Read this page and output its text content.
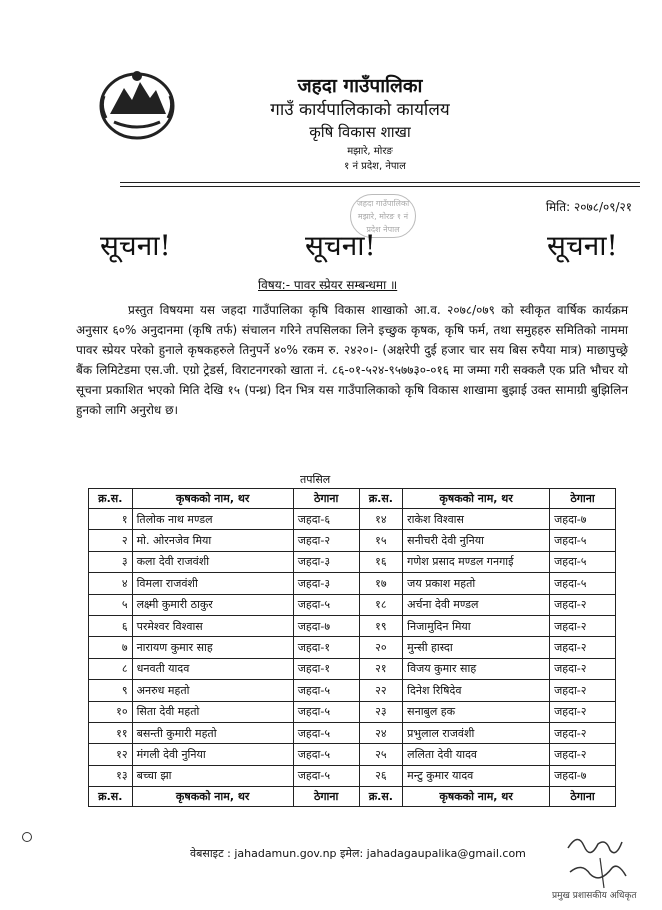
जहदा गाउँपालिका
गाउँ कार्यपालिकाको कार्यालय
कृषि विकास शाखा
मझारे, मोरङ
१ नं प्रदेश, नेपाल
जहदा गाउँपालिका मझारे, मोरङ १ नं प्रदेश नेपाल
मिति: २०७८/०९/२१
सूचना!	सूचना!	सूचना!
विषय:- पावर स्प्रेयर सम्बन्धमा ॥
प्रस्तुत विषयमा यस जहदा गाउँपालिका कृषि विकास शाखाको आ.व. २०७८/०७९ को स्वीकृत वार्षिक कार्यक्रम अनुसार ६०% अनुदानमा (कृषि तर्फ) संचालन गरिने तपसिलका लिने इच्छुक कृषक, कृषि फर्म, तथा समुहहरु समितिको नाममा पावर स्प्रेयर परेको हुनाले कृषकहरुले तिनुपर्ने ४०% रकम रु. २४२०।- (अक्षरेपी दुई हजार चार सय बिस रुपैया मात्र) माछापुच्छ्रे बैंक लिमिटेडमा एस.जी. एग्रो ट्रेडर्स, विराटनगरको खाता नं. ८६-०१-५२४-९५७७३०-०१६ मा जम्मा गरी सक्कलै एक प्रति भौचर यो सूचना प्रकाशित भएको मिति देखि १५ (पन्ध्र) दिन भित्र यस गाउँपालिकाको कृषि विकास शाखामा बुझाई उक्त सामाग्री बुझिलिन हुनको लागि अनुरोध छ।
तपसिल
क्र.स.	कृषकको नाम, थर	ठेगाना	क्र.स.	कृषकको नाम, थर	ठेगाना
१	तिलोक नाथ मण्डल	जहदा-६	१४	राकेश विश्वास	जहदा-७
२	मो. ओरनजेव मिया	जहदा-२	१५	सनीचरी देवी नुनिया	जहदा-५
३	कला देवी राजवंशी	जहदा-३	१६	गणेश प्रसाद मण्डल गनगाई	जहदा-५
४	विमला राजवंशी	जहदा-३	१७	जय प्रकाश महतो	जहदा-५
५	लक्ष्मी कुमारी ठाकुर	जहदा-५	१८	अर्चना देवी मण्डल	जहदा-२
६	परमेश्वर विश्वास	जहदा-७	१९	निजामुदिन मिया	जहदा-२
७	नारायण कुमार साह	जहदा-१	२०	मुन्सी हास्दा	जहदा-२
८	धनवती यादव	जहदा-१	२१	विजय कुमार साह	जहदा-२
९	अनरुध महतो	जहदा-५	२२	दिनेश रिषिदेव	जहदा-२
१०	सिता देवी महतो	जहदा-५	२३	सनाबुल हक	जहदा-२
११	बसन्ती कुमारी महतो	जहदा-५	२४	प्रभुलाल राजवंशी	जहदा-२
१२	मंगली देवी नुनिया	जहदा-५	२५	ललिता देवी यादव	जहदा-२
१३	बच्चा झा	जहदा-५	२६	मन्टु कुमार यादव	जहदा-७
क्र.स.	कृषकको नाम, थर	ठेगाना	क्र.स.	कृषकको नाम, थर	ठेगाना
वेबसाइट : jahadamun.gov.np इमेल: jahadagaupalika@gmail.com
प्रमुख प्रशासकीय अधिकृत
